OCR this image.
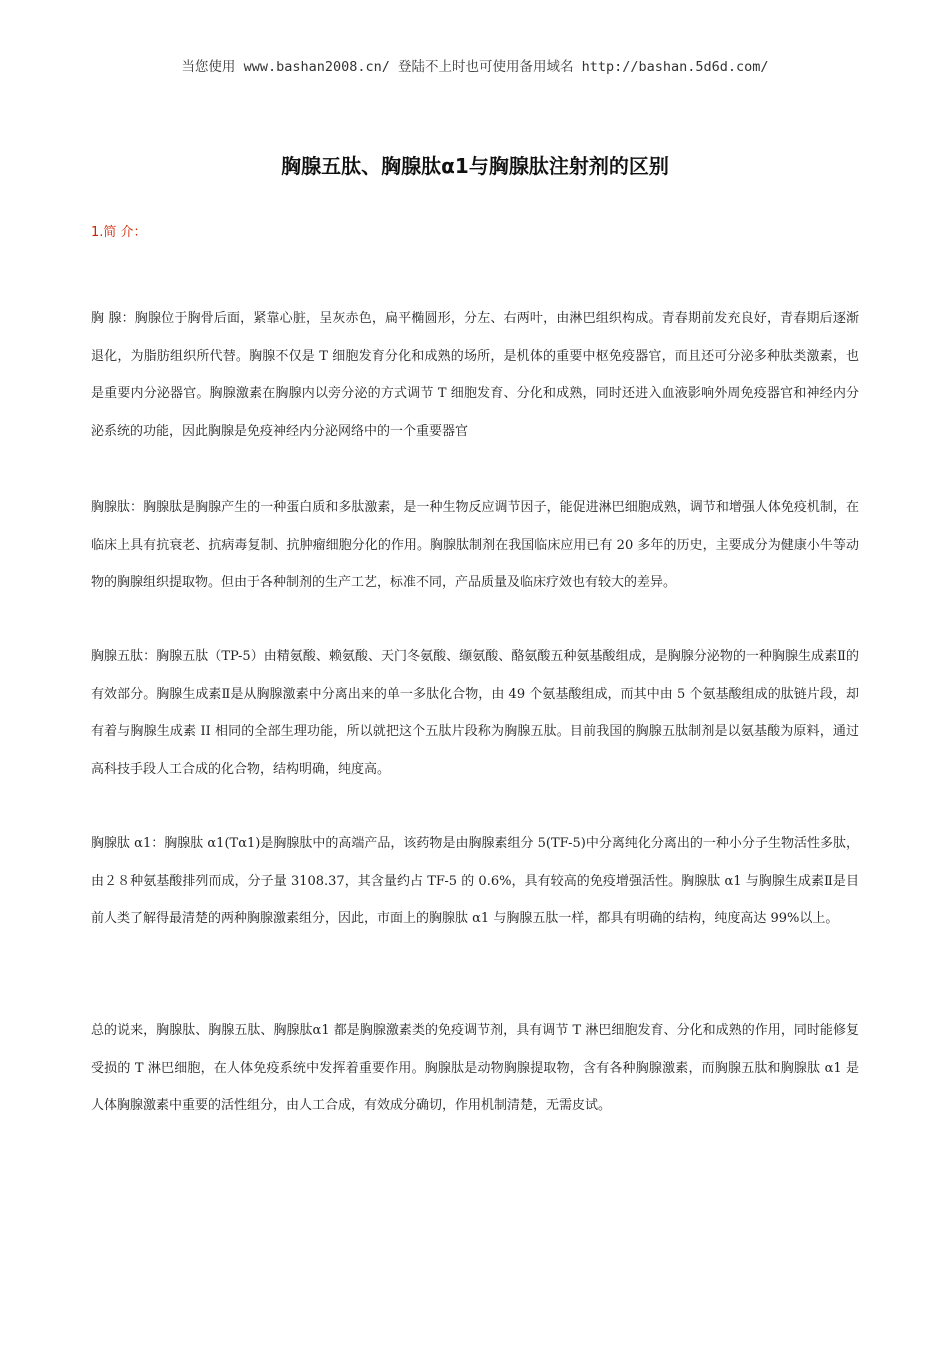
当您使用 www.bashan2008.cn/ 登陆不上时也可使用备用域名 http://bashan.5d6d.com/
胸腺五肽、胸腺肽α1与胸腺肽注射剂的区别
1.简 介：

胸 腺：胸腺位于胸骨后面，紧靠心脏，呈灰赤色，扁平椭圆形，分左、右两叶，由淋巴组织构成。青春期前发充良好，青春期后逐渐退化，为脂肪组织所代替。胸腺不仅是 T 细胞发育分化和成熟的场所，是机体的重要中枢免疫器官，而且还可分泌多种肽类激素，也是重要内分泌器官。胸腺激素在胸腺内以旁分泌的方式调节 T 细胞发育、分化和成熟，同时还进入血液影响外周免疫器官和神经内分泌系统的功能，因此胸腺是免疫神经内分泌网络中的一个重要器官

胸腺肽：胸腺肽是胸腺产生的一种蛋白质和多肽激素，是一种生物反应调节因子，能促进淋巴细胞成熟，调节和增强人体免疫机制，在临床上具有抗衰老、抗病毒复制、抗肿瘤细胞分化的作用。胸腺肽制剂在我国临床应用已有 20 多年的历史，主要成分为健康小牛等动物的胸腺组织提取物。但由于各种制剂的生产工艺，标准不同，产品质量及临床疗效也有较大的差异。

胸腺五肽：胸腺五肽（TP-5）由精氨酸、赖氨酸、天门冬氨酸、缬氨酸、酪氨酸五种氨基酸组成，是胸腺分泌物的一种胸腺生成素Ⅱ的有效部分。胸腺生成素Ⅱ是从胸腺激素中分离出来的单一多肽化合物，由 49 个氨基酸组成，而其中由 5 个氨基酸组成的肽链片段，却有着与胸腺生成素 II 相同的全部生理功能，所以就把这个五肽片段称为胸腺五肽。目前我国的胸腺五肽制剂是以氨基酸为原料，通过高科技手段人工合成的化合物，结构明确，纯度高。

胸腺肽 α1：胸腺肽 α1(Tα1)是胸腺肽中的高端产品，该药物是由胸腺素组分 5(TF-5)中分离纯化分离出的一种小分子生物活性多肽，由２８种氨基酸排列而成，分子量 3108.37，其含量约占 TF-5 的 0.6%，具有较高的免疫增强活性。胸腺肽 α1 与胸腺生成素Ⅱ是目前人类了解得最清楚的两种胸腺激素组分，因此，市面上的胸腺肽 α1 与胸腺五肽一样，都具有明确的结构，纯度高达 99%以上。

总的说来，胸腺肽、胸腺五肽、胸腺肽α1 都是胸腺激素类的免疫调节剂，具有调节 T 淋巴细胞发育、分化和成熟的作用，同时能修复受损的 T 淋巴细胞，在人体免疫系统中发挥着重要作用。胸腺肽是动物胸腺提取物，含有各种胸腺激素，而胸腺五肽和胸腺肽 α1 是人体胸腺激素中重要的活性组分，由人工合成，有效成分确切，作用机制清楚，无需皮试。
